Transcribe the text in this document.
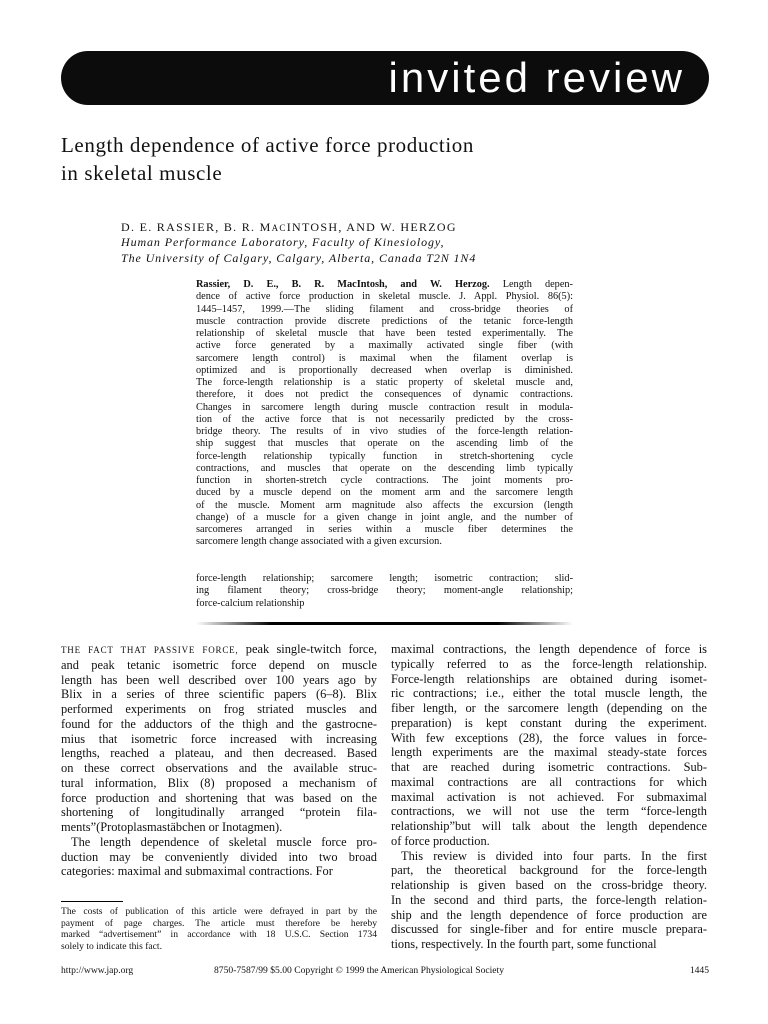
invited review
Length dependence of active force production
in skeletal muscle
D. E. RASSIER, B. R. MACINTOSH, AND W. HERZOG
Human Performance Laboratory, Faculty of Kinesiology,
The University of Calgary, Calgary, Alberta, Canada T2N 1N4
Rassier, D. E., B. R. MacIntosh, and W. Herzog. Length depen-
dence of active force production in skeletal muscle. J. Appl. Physiol. 86(5):
1445–1457, 1999.—The sliding filament and cross-bridge theories of
muscle contraction provide discrete predictions of the tetanic force-length
relationship of skeletal muscle that have been tested experimentally. The
active force generated by a maximally activated single fiber (with
sarcomere length control) is maximal when the filament overlap is
optimized and is proportionally decreased when overlap is diminished.
The force-length relationship is a static property of skeletal muscle and,
therefore, it does not predict the consequences of dynamic contractions.
Changes in sarcomere length during muscle contraction result in modula-
tion of the active force that is not necessarily predicted by the cross-
bridge theory. The results of in vivo studies of the force-length relation-
ship suggest that muscles that operate on the ascending limb of the
force-length relationship typically function in stretch-shortening cycle
contractions, and muscles that operate on the descending limb typically
function in shorten-stretch cycle contractions. The joint moments pro-
duced by a muscle depend on the moment arm and the sarcomere length
of the muscle. Moment arm magnitude also affects the excursion (length
change) of a muscle for a given change in joint angle, and the number of
sarcomeres arranged in series within a muscle fiber determines the
sarcomere length change associated with a given excursion.
force-length relationship; sarcomere length; isometric contraction; slid-
ing filament theory; cross-bridge theory; moment-angle relationship;
force-calcium relationship
THE FACT THAT PASSIVE FORCE, peak single-twitch force,
and peak tetanic isometric force depend on muscle
length has been well described over 100 years ago by
Blix in a series of three scientific papers (6–8). Blix
performed experiments on frog striated muscles and
found for the adductors of the thigh and the gastrocne-
mius that isometric force increased with increasing
lengths, reached a plateau, and then decreased. Based
on these correct observations and the available struc-
tural information, Blix (8) proposed a mechanism of
force production and shortening that was based on the
shortening of longitudinally arranged “protein fila-
ments”(Protoplasmastäbchen or Inotagmen).
The length dependence of skeletal muscle force pro-
duction may be conveniently divided into two broad
categories: maximal and submaximal contractions. For
maximal contractions, the length dependence of force is
typically referred to as the force-length relationship.
Force-length relationships are obtained during isomet-
ric contractions; i.e., either the total muscle length, the
fiber length, or the sarcomere length (depending on the
preparation) is kept constant during the experiment.
With few exceptions (28), the force values in force-
length experiments are the maximal steady-state forces
that are reached during isometric contractions. Sub-
maximal contractions are all contractions for which
maximal activation is not achieved. For submaximal
contractions, we will not use the term “force-length
relationship”but will talk about the length dependence
of force production.
This review is divided into four parts. In the first
part, the theoretical background for the force-length
relationship is given based on the cross-bridge theory.
In the second and third parts, the force-length relation-
ship and the length dependence of force production are
discussed for single-fiber and for entire muscle prepara-
tions, respectively. In the fourth part, some functional
The costs of publication of this article were defrayed in part by the
payment of page charges. The article must therefore be hereby
marked “advertisement” in accordance with 18 U.S.C. Section 1734
solely to indicate this fact.
http://www.jap.org	8750-7587/99 $5.00 Copyright © 1999 the American Physiological Society	1445
